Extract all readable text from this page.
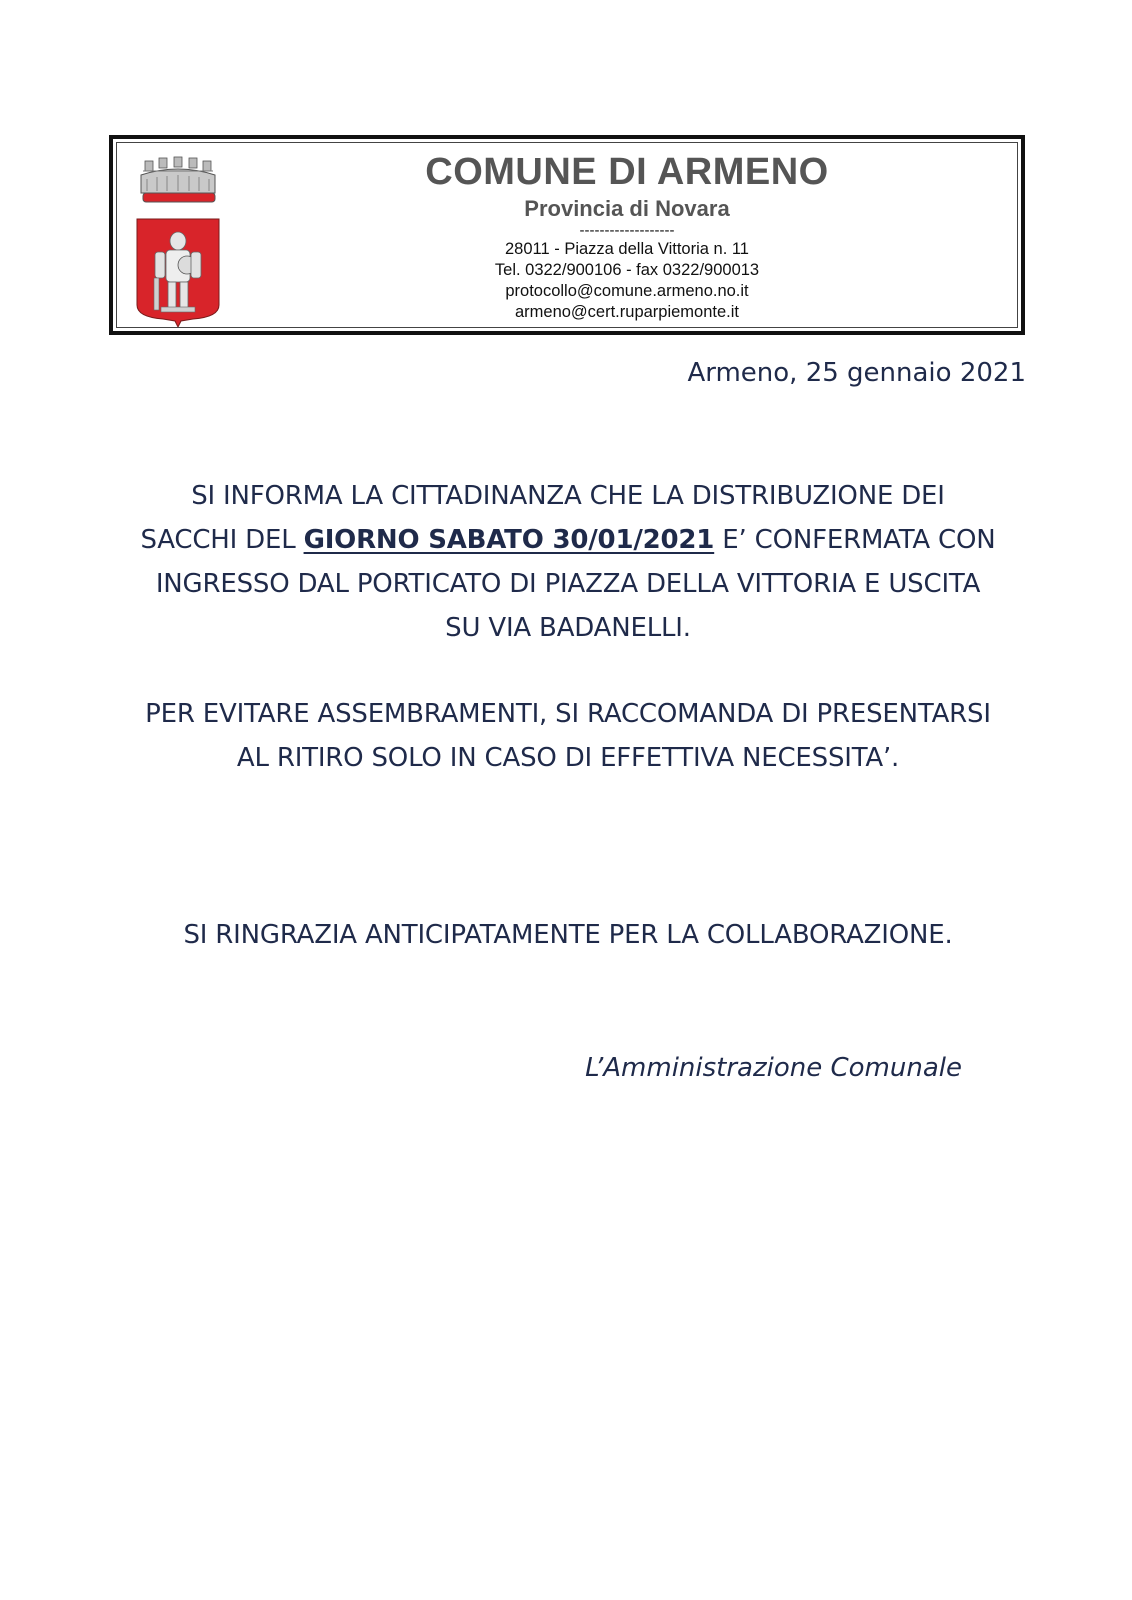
COMUNE DI ARMENO
Provincia di Novara
-------------------
28011 - Piazza della Vittoria n. 11
Tel. 0322/900106 - fax 0322/900013
protocollo@comune.armeno.no.it
armeno@cert.ruparpiemonte.it
Armeno, 25 gennaio 2021
SI INFORMA LA CITTADINANZA CHE LA DISTRIBUZIONE DEI
SACCHI DEL GIORNO SABATO 30/01/2021 E’ CONFERMATA CON
INGRESSO DAL PORTICATO DI PIAZZA DELLA VITTORIA E USCITA
SU VIA BADANELLI.
PER EVITARE ASSEMBRAMENTI, SI RACCOMANDA DI PRESENTARSI
AL RITIRO SOLO IN CASO DI EFFETTIVA NECESSITA’.
SI RINGRAZIA ANTICIPATAMENTE PER LA COLLABORAZIONE.
L’Amministrazione Comunale
